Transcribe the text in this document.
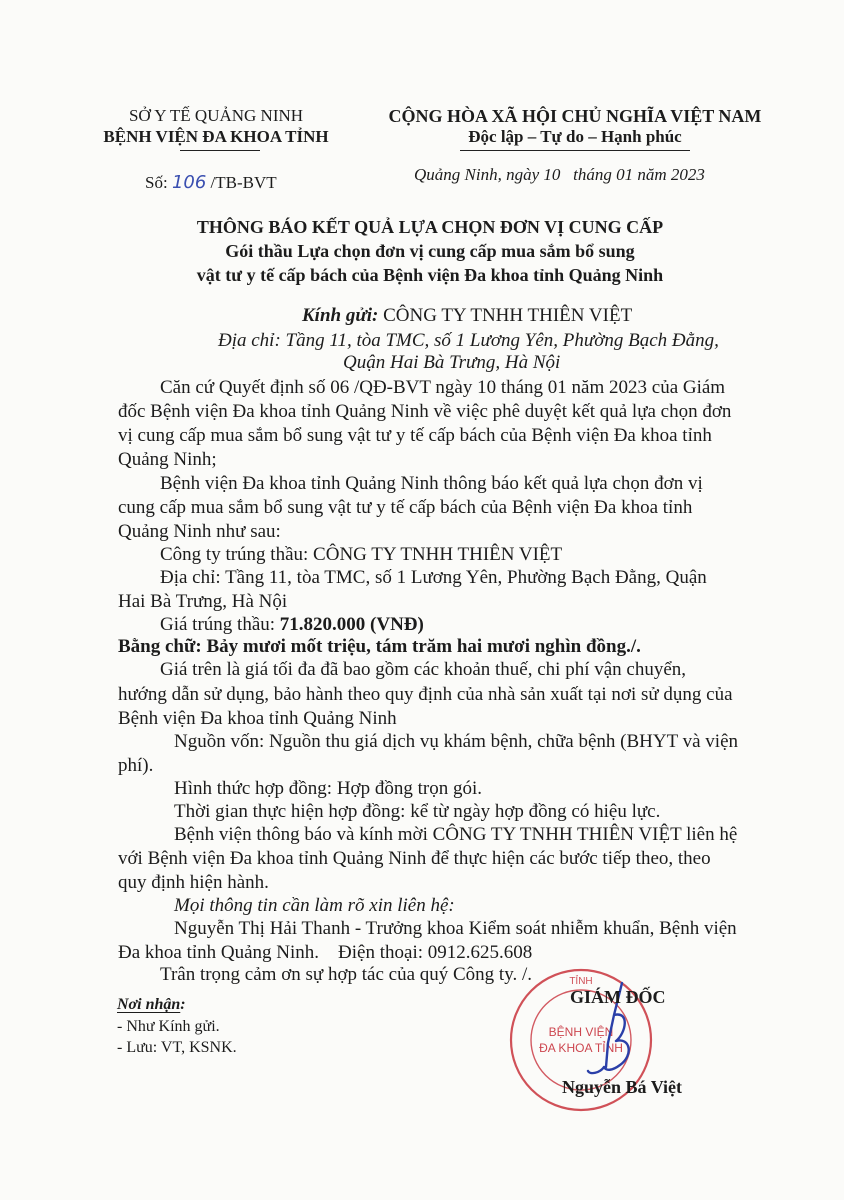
SỞ Y TẾ QUẢNG NINH
BỆNH VIỆN ĐA KHOA TỈNH
CỘNG HÒA XÃ HỘI CHỦ NGHĨA VIỆT NAM
Độc lập – Tự do – Hạnh phúc
Số: 106 /TB-BVT	Quảng Ninh, ngày 10   tháng 01 năm 2023
THÔNG BÁO KẾT QUẢ LỰA CHỌN ĐƠN VỊ CUNG CẤP
Gói thầu Lựa chọn đơn vị cung cấp mua sắm bổ sung
vật tư y tế cấp bách của Bệnh viện Đa khoa tỉnh Quảng Ninh
Kính gửi: CÔNG TY TNHH THIÊN VIỆT
Địa chỉ: Tầng 11, tòa TMC, số 1 Lương Yên, Phường Bạch Đằng,
Quận Hai Bà Trưng, Hà Nội
Căn cứ Quyết định số 06 /QĐ-BVT ngày 10 tháng 01 năm 2023 của Giám
đốc Bệnh viện Đa khoa tỉnh Quảng Ninh về việc phê duyệt kết quả lựa chọn đơn
vị cung cấp mua sắm bổ sung vật tư y tế cấp bách của Bệnh viện Đa khoa tỉnh
Quảng Ninh;
Bệnh viện Đa khoa tỉnh Quảng Ninh thông báo kết quả lựa chọn đơn vị
cung cấp mua sắm bổ sung vật tư y tế cấp bách của Bệnh viện Đa khoa tỉnh
Quảng Ninh như sau:
Công ty trúng thầu: CÔNG TY TNHH THIÊN VIỆT
Địa chỉ: Tầng 11, tòa TMC, số 1 Lương Yên, Phường Bạch Đằng, Quận
Hai Bà Trưng, Hà Nội
Giá trúng thầu: 71.820.000 (VNĐ)
Bằng chữ: Bảy mươi mốt triệu, tám trăm hai mươi nghìn đồng./.
Giá trên là giá tối đa đã bao gồm các khoản thuế, chi phí vận chuyển,
hướng dẫn sử dụng, bảo hành theo quy định của nhà sản xuất tại nơi sử dụng của
Bệnh viện Đa khoa tỉnh Quảng Ninh
Nguồn vốn: Nguồn thu giá dịch vụ khám bệnh, chữa bệnh (BHYT và viện
phí).
Hình thức hợp đồng: Hợp đồng trọn gói.
Thời gian thực hiện hợp đồng: kể từ ngày hợp đồng có hiệu lực.
Bệnh viện thông báo và kính mời CÔNG TY TNHH THIÊN VIỆT liên hệ
với Bệnh viện Đa khoa tỉnh Quảng Ninh để thực hiện các bước tiếp theo, theo
quy định hiện hành.
Mọi thông tin cần làm rõ xin liên hệ:
Nguyễn Thị Hải Thanh - Trưởng khoa Kiểm soát nhiễm khuẩn, Bệnh viện
Đa khoa tỉnh Quảng Ninh.    Điện thoại: 0912.625.608
Trân trọng cảm ơn sự hợp tác của quý Công ty. /.
Nơi nhận:
- Như Kính gửi.
- Lưu: VT, KSNK.
TỈNH
BỆNH VIỆN
ĐA KHOA TỈNH
GIÁM ĐỐC
Nguyễn Bá Việt
